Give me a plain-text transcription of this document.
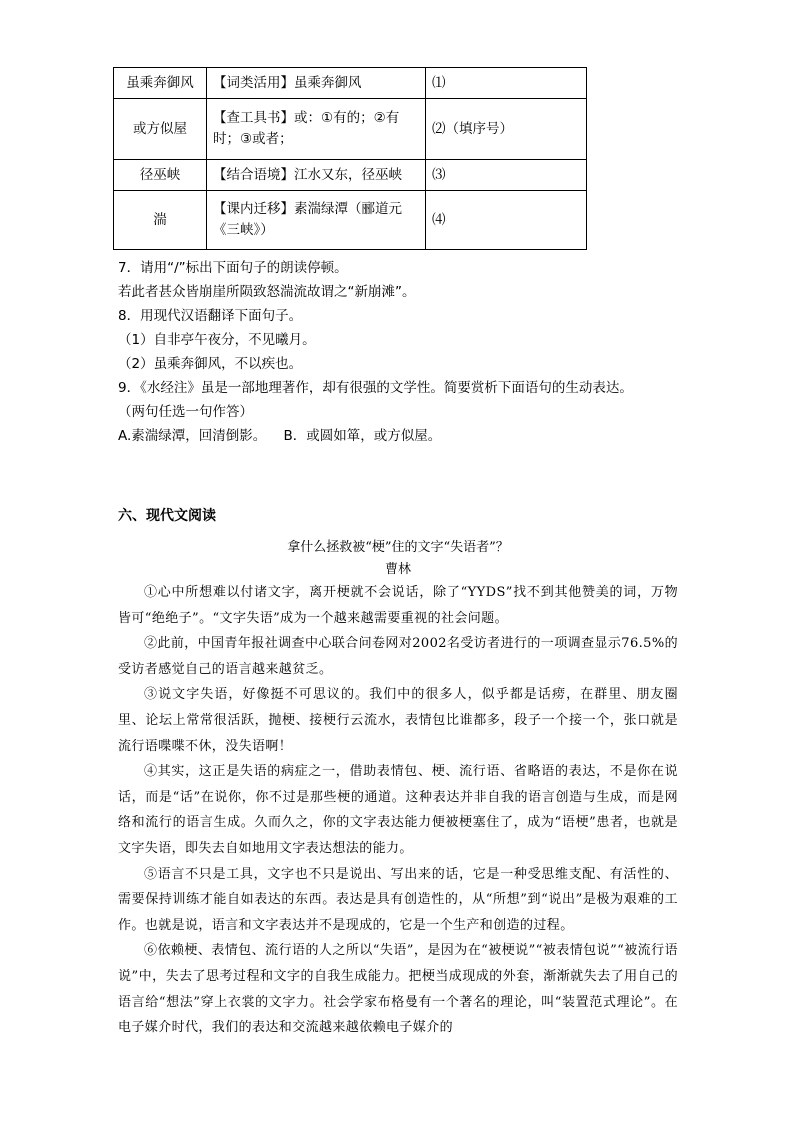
虽乘奔御风	【词类活用】虽乘奔御风	⑴
或方似屋	【查工具书】或：①有的；②有时；③或者；	⑵（填序号）
径巫峡	【结合语境】江水又东，径巫峡	⑶
湍	【课内迁移】素湍绿潭（郦道元《三峡》）	⑷
7．请用“/”标出下面句子的朗读停顿。
若此者甚众皆崩崖所陨致怒湍流故谓之“新崩滩”。
8．用现代汉语翻译下面句子。
（1）自非亭午夜分，不见曦月。
（2）虽乘奔御风，不以疾也。
9．《水经注》虽是一部地理著作，却有很强的文学性。简要赏析下面语句的生动表达。
（两句任选一句作答）
A.素湍绿潭，回清倒影。    B．或圆如箪，或方似屋。
六、现代文阅读
拿什么拯救被“梗”住的文字“失语者”？
曹林

①心中所想难以付诸文字，离开梗就不会说话，除了“YYDS”找不到其他赞美的词，万物皆可“绝绝子”。“文字失语”成为一个越来越需要重视的社会问题。

②此前，中国青年报社调查中心联合问卷网对2002名受访者进行的一项调查显示76.5%的受访者感觉自己的语言越来越贫乏。

③说文字失语，好像挺不可思议的。我们中的很多人，似乎都是话痨，在群里、朋友圈里、论坛上常常很活跃，抛梗、接梗行云流水，表情包比谁都多，段子一个接一个，张口就是流行语喋喋不休，没失语啊！

④其实，这正是失语的病症之一，借助表情包、梗、流行语、省略语的表达，不是你在说话，而是“话”在说你，你不过是那些梗的通道。这种表达并非自我的语言创造与生成，而是网络和流行的语言生成。久而久之，你的文字表达能力便被梗塞住了，成为“语梗”患者，也就是文字失语，即失去自如地用文字表达想法的能力。

⑤语言不只是工具，文字也不只是说出、写出来的话，它是一种受思维支配、有活性的、需要保持训练才能自如表达的东西。表达是具有创造性的，从“所想”到“说出”是极为艰难的工作。也就是说，语言和文字表达并不是现成的，它是一个生产和创造的过程。

⑥依赖梗、表情包、流行语的人之所以“失语”，是因为在“被梗说”“被表情包说”“被流行语说”中，失去了思考过程和文字的自我生成能力。把梗当成现成的外套，渐渐就失去了用自己的语言给“想法”穿上衣裳的文字力。社会学家布格曼有一个著名的理论，叫“装置范式理论”。在电子媒介时代，我们的表达和交流越来越依赖电子媒介的
